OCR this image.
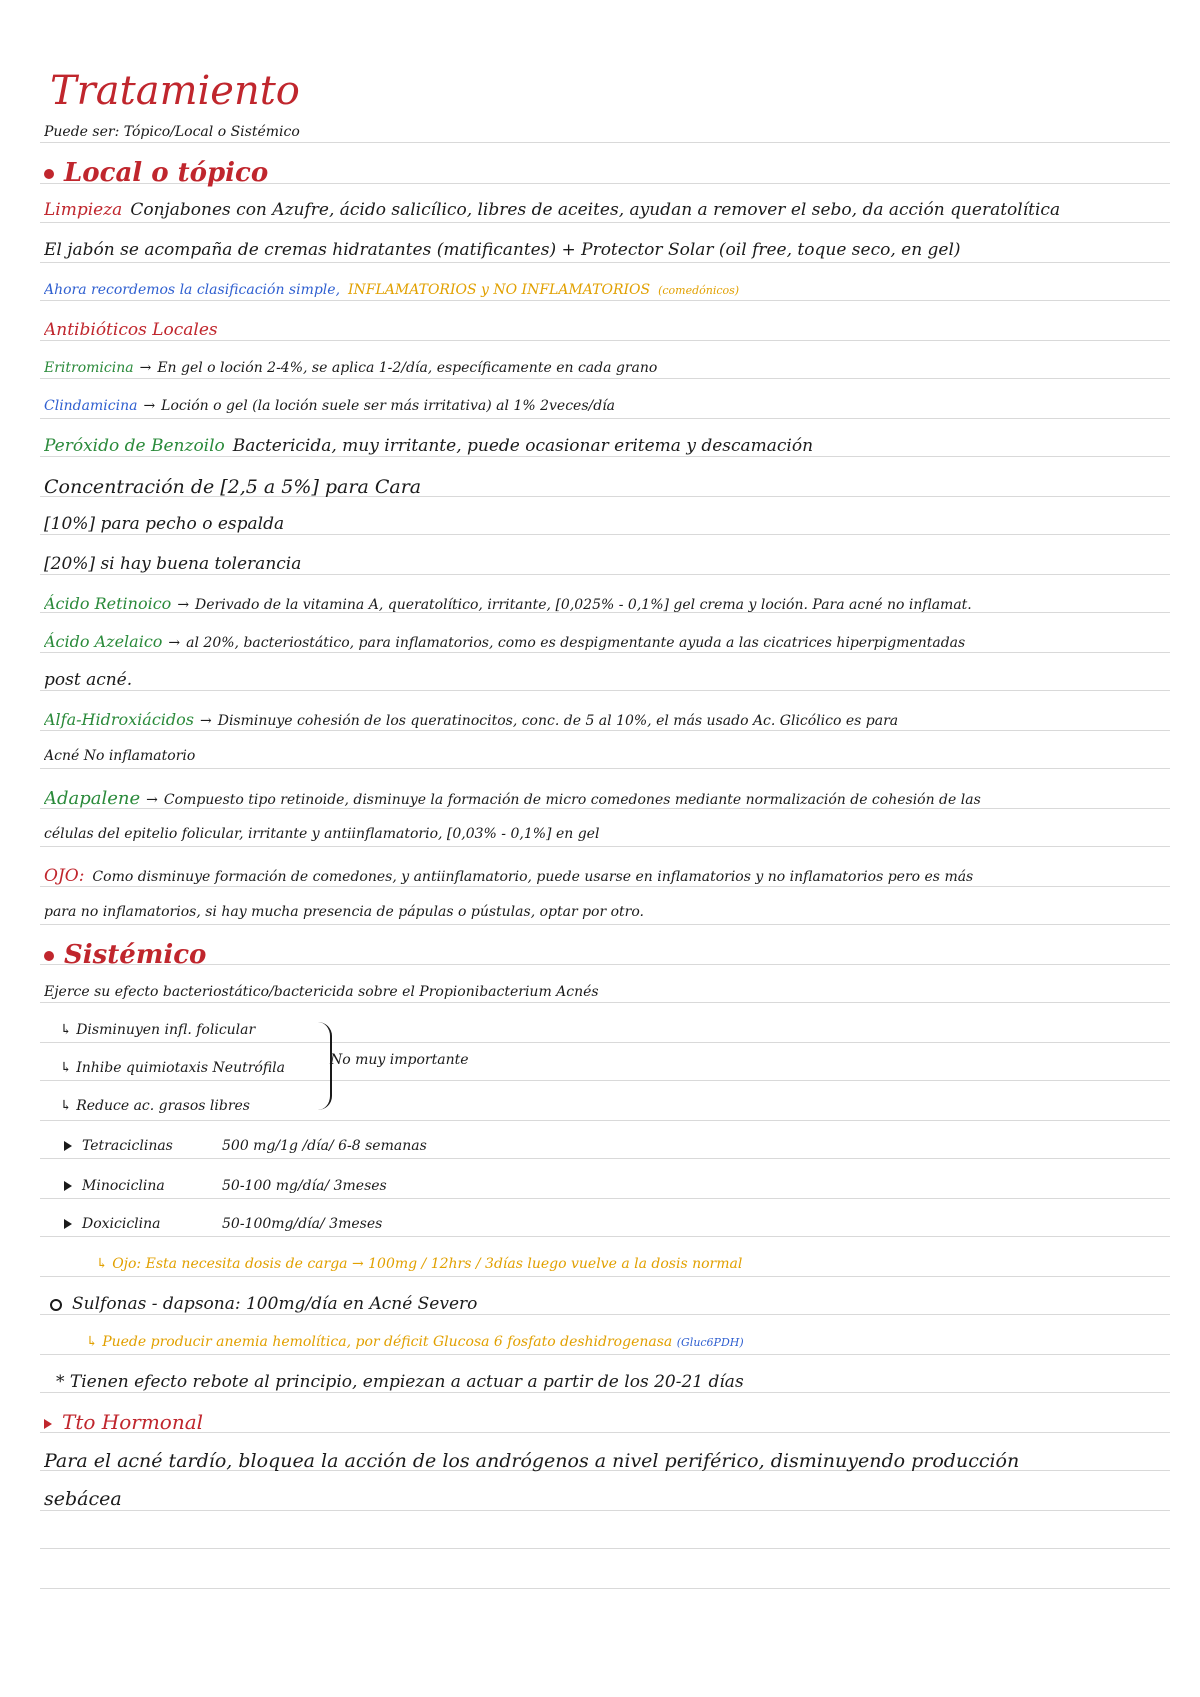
Tratamiento
Puede ser: Tópico/Local o Sistémico
Local o tópico
Limpieza Conjabones con Azufre, ácido salicílico, libres de aceites, ayudan a remover el sebo, da acción queratolítica
El jabón se acompaña de cremas hidratantes (matificantes) + Protector Solar (oil free, toque seco, en gel)
Ahora recordemos la clasificación simple, INFLAMATORIOS y NO INFLAMATORIOS (comedónicos)
Antibióticos Locales
Eritromicina → En gel o loción 2-4%, se aplica 1-2/día, específicamente en cada grano
Clindamicina → Loción o gel (la loción suele ser más irritativa) al 1% 2veces/día
Peróxido de Benzoilo Bactericida, muy irritante, puede ocasionar eritema y descamación
Concentración de [2,5 a 5%] para Cara
[10%] para pecho o espalda
[20%] si hay buena tolerancia
Ácido Retinoico → Derivado de la vitamina A, queratolítico, irritante, [0,025% - 0,1%] gel crema y loción. Para acné no inflamat.
Ácido Azelaico → al 20%, bacteriostático, para inflamatorios, como es despigmentante ayuda a las cicatrices hiperpigmentadas
post acné.
Alfa-Hidroxiácidos → Disminuye cohesión de los queratinocitos, conc. de 5 al 10%, el más usado Ac. Glicólico es para
Acné No inflamatorio
Adapalene → Compuesto tipo retinoide, disminuye la formación de micro comedones mediante normalización de cohesión de las
células del epitelio folicular, irritante y antiinflamatorio, [0,03% - 0,1%] en gel
OJO: Como disminuye formación de comedones, y antiinflamatorio, puede usarse en inflamatorios y no inflamatorios pero es más
para no inflamatorios, si hay mucha presencia de pápulas o pústulas, optar por otro.
Sistémico
Ejerce su efecto bacteriostático/bactericida sobre el Propionibacterium Acnés
↳ Disminuyen infl. folicular
↳ Inhibe quimiotaxis Neutrófila
↳ Reduce ac. grasos libres
No muy importante
Tetraciclinas	500 mg/1g /día/ 6-8 semanas
Minociclina	50-100 mg/día/ 3meses
Doxiciclina	50-100mg/día/ 3meses
↳ Ojo: Esta necesita dosis de carga → 100mg / 12hrs / 3días luego vuelve a la dosis normal
Sulfonas - dapsona: 100mg/día en Acné Severo
↳ Puede producir anemia hemolítica, por déficit Glucosa 6 fosfato deshidrogenasa (Gluc6PDH)
* Tienen efecto rebote al principio, empiezan a actuar a partir de los 20-21 días
Tto Hormonal
Para el acné tardío, bloquea la acción de los andrógenos a nivel periférico, disminuyendo producción
sebácea
